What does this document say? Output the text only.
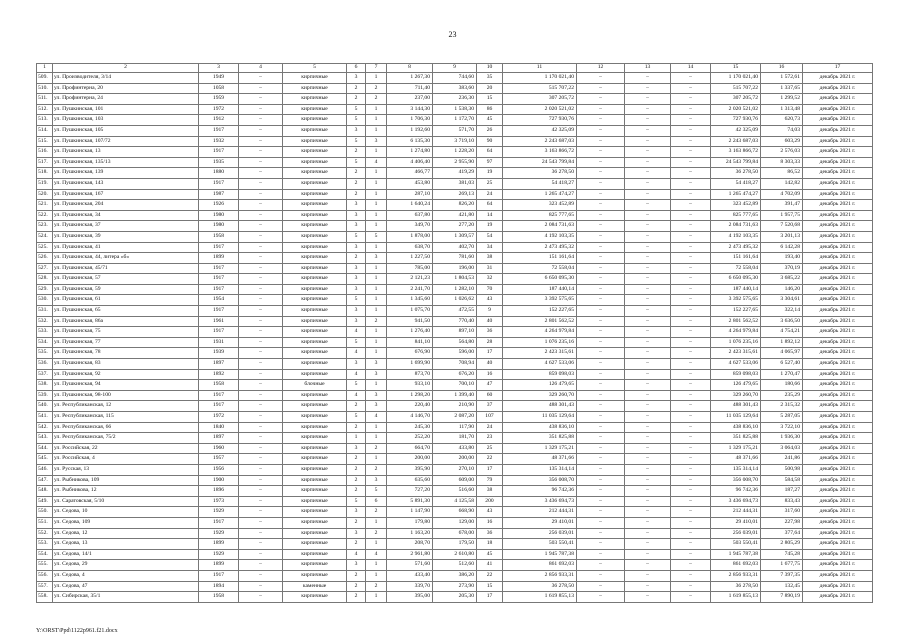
23
1	2	3	4	5	6	7	8	9	10	11	12	13	14	15	16	17
509.	ул. Производителя, 3/14	1949	–	кирпичные	3	1	1 267,30	744,60	35	1 170 021,40	–	–	–	1 170 021,40	1 572,61	декабрь 2021 г.
510.	ул. Профинтерна, 20	1058	–	кирпичные	2	2	711,40	383,60	20	515 707,22	–	–	–	515 707,22	1 337,65	декабрь 2021 г.
511.	ул. Профинтерна, 24	1959	–	кирпичные	2	2	237,00	236,30	15	307 205,72	–	–	–	307 205,72	1 299,52	декабрь 2021 г.
512.	ул. Пушкинская, 101	1972	–	кирпичные	5	1	3 144,30	1 538,30	86	2 020 521,02	–	–	–	2 020 521,02	1 313,48	декабрь 2021 г.
513.	ул. Пушкинская, 103	1912	–	кирпичные	5	1	1 706,30	1 172,70	45	727 930,76	–	–	–	727 930,76	620,73	декабрь 2021 г.
514.	ул. Пушкинская, 105	1917	–	кирпичные	3	1	1 192,60	571,70	26	42 325,09	–	–	–	42 325,09	74,03	декабрь 2021 г.
515.	ул. Пушкинская, 107/72	1932	–	кирпичные	5	3	6 135,30	3 719,10	90	2 243 687,03	–	–	–	2 243 687,03	603,29	декабрь 2021 г.
516.	ул. Пушкинская, 13	1917	–	кирпичные	2	1	1 274,80	1 228,20	64	3 163 866,72	–	–	–	3 163 866,72	2 576,03	декабрь 2021 г.
517.	ул. Пушкинская, 135/13	1935	–	кирпичные	5	4	4 406,40	2 955,90	97	24 543 799,84	–	–	–	24 543 799,84	8 303,33	декабрь 2021 г.
518.	ул. Пушкинская, 139	1880	–	кирпичные	2	1	466,77	419,29	19	36 278,50	–	–	–	36 278,50	86,52	декабрь 2021 г.
519.	ул. Пушкинская, 143	1917	–	кирпичные	2	1	453,80	381,03	25	54 418,27	–	–	–	54 418,27	142,82	декабрь 2021 г.
520.	ул. Пушкинская, 167	1987	–	кирпичные	2	1	287,10	269,13	24	1 265 474,27	–	–	–	1 265 474,27	4 702,09	декабрь 2021 г.
521.	ул. Пушкинская, 204	1926	–	кирпичные	3	1	1 640,24	826,20	64	323 452,89	–	–	–	323 452,89	391,47	декабрь 2021 г.
522.	ул. Пушкинская, 34	1980	–	кирпичные	3	1	637,80	421,80	14	825 777,65	–	–	–	825 777,65	1 957,75	декабрь 2021 г.
523.	ул. Пушкинская, 37	1980	–	кирпичные	3	1	349,70	277,20	19	2 084 731,63	–	–	–	2 084 731,63	7 520,68	декабрь 2021 г.
524.	ул. Пушкинская, 39	1958	–	кирпичные	5	5	1 878,00	1 309,57	54	4 192 103,35	–	–	–	4 192 103,35	3 201,13	декабрь 2021 г.
525.	ул. Пушкинская, 41	1917	–	кирпичные	3	1	638,70	402,70	34	2 473 495,32	–	–	–	2 473 495,32	6 142,28	декабрь 2021 г.
526.	ул. Пушкинская, 44, литера «б»	1899	–	кирпичные	2	3	1 227,50	781,60	38	151 161,64	–	–	–	151 161,64	193,40	декабрь 2021 г.
527.	ул. Пушкинская, 45/71	1917	–	кирпичные	3	1	785,00	196,00	31	72 558,04	–	–	–	72 558,04	370,19	декабрь 2021 г.
528.	ул. Пушкинская, 57	1917	–	кирпичные	3	1	2 121,23	1 804,53	32	6 650 095,30	–	–	–	6 650 095,30	3 685,22	декабрь 2021 г.
529.	ул. Пушкинская, 59	1917	–	кирпичные	3	1	2 241,70	1 282,10	70	187 440,14	–	–	–	187 440,14	146,20	декабрь 2021 г.
530.	ул. Пушкинская, 61	1954	–	кирпичные	5	1	1 345,60	1 026,62	43	3 392 575,65	–	–	–	3 392 575,65	3 304,61	декабрь 2021 г.
531.	ул. Пушкинская, 65	1917	–	кирпичные	3	1	1 075,70	472,55	9	152 227,65	–	–	–	152 227,65	322,14	декабрь 2021 г.
532.	ул. Пушкинская, 86а	1961	–	кирпичные	3	2	941,50	770,40	40	2 801 562,52	–	–	–	2 801 562,52	3 636,50	декабрь 2021 г.
533.	ул. Пушкинская, 75	1917	–	кирпичные	4	1	1 276,40	897,10	36	4 264 979,84	–	–	–	4 264 979,84	4 754,21	декабрь 2021 г.
534.	ул. Пушкинская, 77	1931	–	кирпичные	5	1	841,10	564,80	28	1 076 235,16	–	–	–	1 076 235,16	1 892,12	декабрь 2021 г.
535.	ул. Пушкинская, 78	1939	–	кирпичные	4	1	676,90	596,00	17	2 423 315,61	–	–	–	2 423 315,61	4 065,97	декабрь 2021 г.
536.	ул. Пушкинская, 83	1897	–	кирпичные	3	3	1 699,90	708,94	40	4 627 533,06	–	–	–	4 627 533,06	6 527,40	декабрь 2021 г.
537.	ул. Пушкинская, 92	1892	–	кирпичные	4	3	873,70	676,20	16	859 098,03	–	–	–	859 098,03	1 270,47	декабрь 2021 г.
538.	ул. Пушкинская, 94	1958	–	блочные	5	1	933,10	700,10	47	126 479,65	–	–	–	126 479,65	180,66	декабрь 2021 г.
539.	ул. Пушкинская, 98-100	1917	–	кирпичные	4	3	1 298,20	1 399,40	60	329 260,70	–	–	–	329 260,70	235,29	декабрь 2021 г.
540.	ул. Республиканская, 12	1917	–	кирпичные	2	3	220,40	210,90	37	488 301,43	–	–	–	488 301,43	2 315,32	декабрь 2021 г.
541.	ул. Республиканская, 115	1972	–	кирпичные	5	4	4 146,70	2 087,20	107	11 035 129,64	–	–	–	11 035 129,64	5 287,05	декабрь 2021 г.
542.	ул. Республиканская, 66	1840	–	кирпичные	2	1	245,30	117,90	24	438 836,10	–	–	–	438 836,10	3 722,10	декабрь 2021 г.
543.	ул. Республиканская, 75/2	1897	–	кирпичные	1	1	252,20	181,70	23	351 825,88	–	–	–	351 825,88	1 936,30	декабрь 2021 г.
544.	ул. Российская, 22	1960	–	кирпичные	3	2	664,70	433,80	25	1 329 175,21	–	–	–	1 329 175,21	3 064,03	декабрь 2021 г.
545.	ул. Российская, 4	1957	–	кирпичные	2	1	200,00	200,00	22	48 371,66	–	–	–	48 371,66	241,86	декабрь 2021 г.
546.	ул. Русская, 13	1956	–	кирпичные	2	2	395,90	270,10	17	135 314,14	–	–	–	135 314,14	500,98	декабрь 2021 г.
547.	ул. Рыбникова, 109	1900	–	кирпичные	2	3	635,60	609,00	79	356 008,70	–	–	–	356 008,70	584,58	декабрь 2021 г.
548.	ул. Рыбникова, 12	1896	–	кирпичные	2	5	727,20	516,60	38	96 742,36	–	–	–	96 742,36	187,27	декабрь 2021 г.
549.	ул. Саратовская, 5/10	1973	–	кирпичные	5	6	5 891,30	4 125,58	200	3 436 694,73	–	–	–	3 436 694,73	833,43	декабрь 2021 г.
550.	ул. Седова, 10	1929	–	кирпичные	3	2	1 147,90	668,90	43	212 444,31	–	–	–	212 444,31	317,60	декабрь 2021 г.
551.	ул. Седова, 109	1917	–	кирпичные	2	1	179,80	129,00	16	29 410,01	–	–	–	29 410,01	227,98	декабрь 2021 г.
552.	ул. Седова, 12	1929	–	кирпичные	3	2	1 163,20	678,00	36	256 039,01	–	–	–	256 039,01	377,64	декабрь 2021 г.
553.	ул. Седова, 13	1899	–	кирпичные	2	1	208,70	179,50	18	503 550,41	–	–	–	503 550,41	2 805,29	декабрь 2021 г.
554.	ул. Седова, 14/1	1929	–	кирпичные	4	4	2 961,80	2 610,80	45	1 945 787,38	–	–	–	1 945 787,38	745,28	декабрь 2021 г.
555.	ул. Седова, 29	1899	–	кирпичные	3	1	571,60	512,60	41	861 692,03	–	–	–	861 692,03	1 677,75	декабрь 2021 г.
556.	ул. Седова, 4	1917	–	кирпичные	2	1	433,40	386,20	22	2 856 933,31	–	–	–	2 856 933,31	7 397,35	декабрь 2021 г.
557.	ул. Седова, 47	1894	–	каменные	2	2	339,70	273,90	15	36 278,50	–	–	–	36 278,50	132,45	декабрь 2021 г.
558.	ул. Сибирская, 35/1	1958	–	кирпичные	2	1	395,00	205,30	17	1 619 855,13	–	–	–	1 619 855,13	7 890,19	декабрь 2021 г.
Y:\ORST\Ppd\1122p961.f21.docx
